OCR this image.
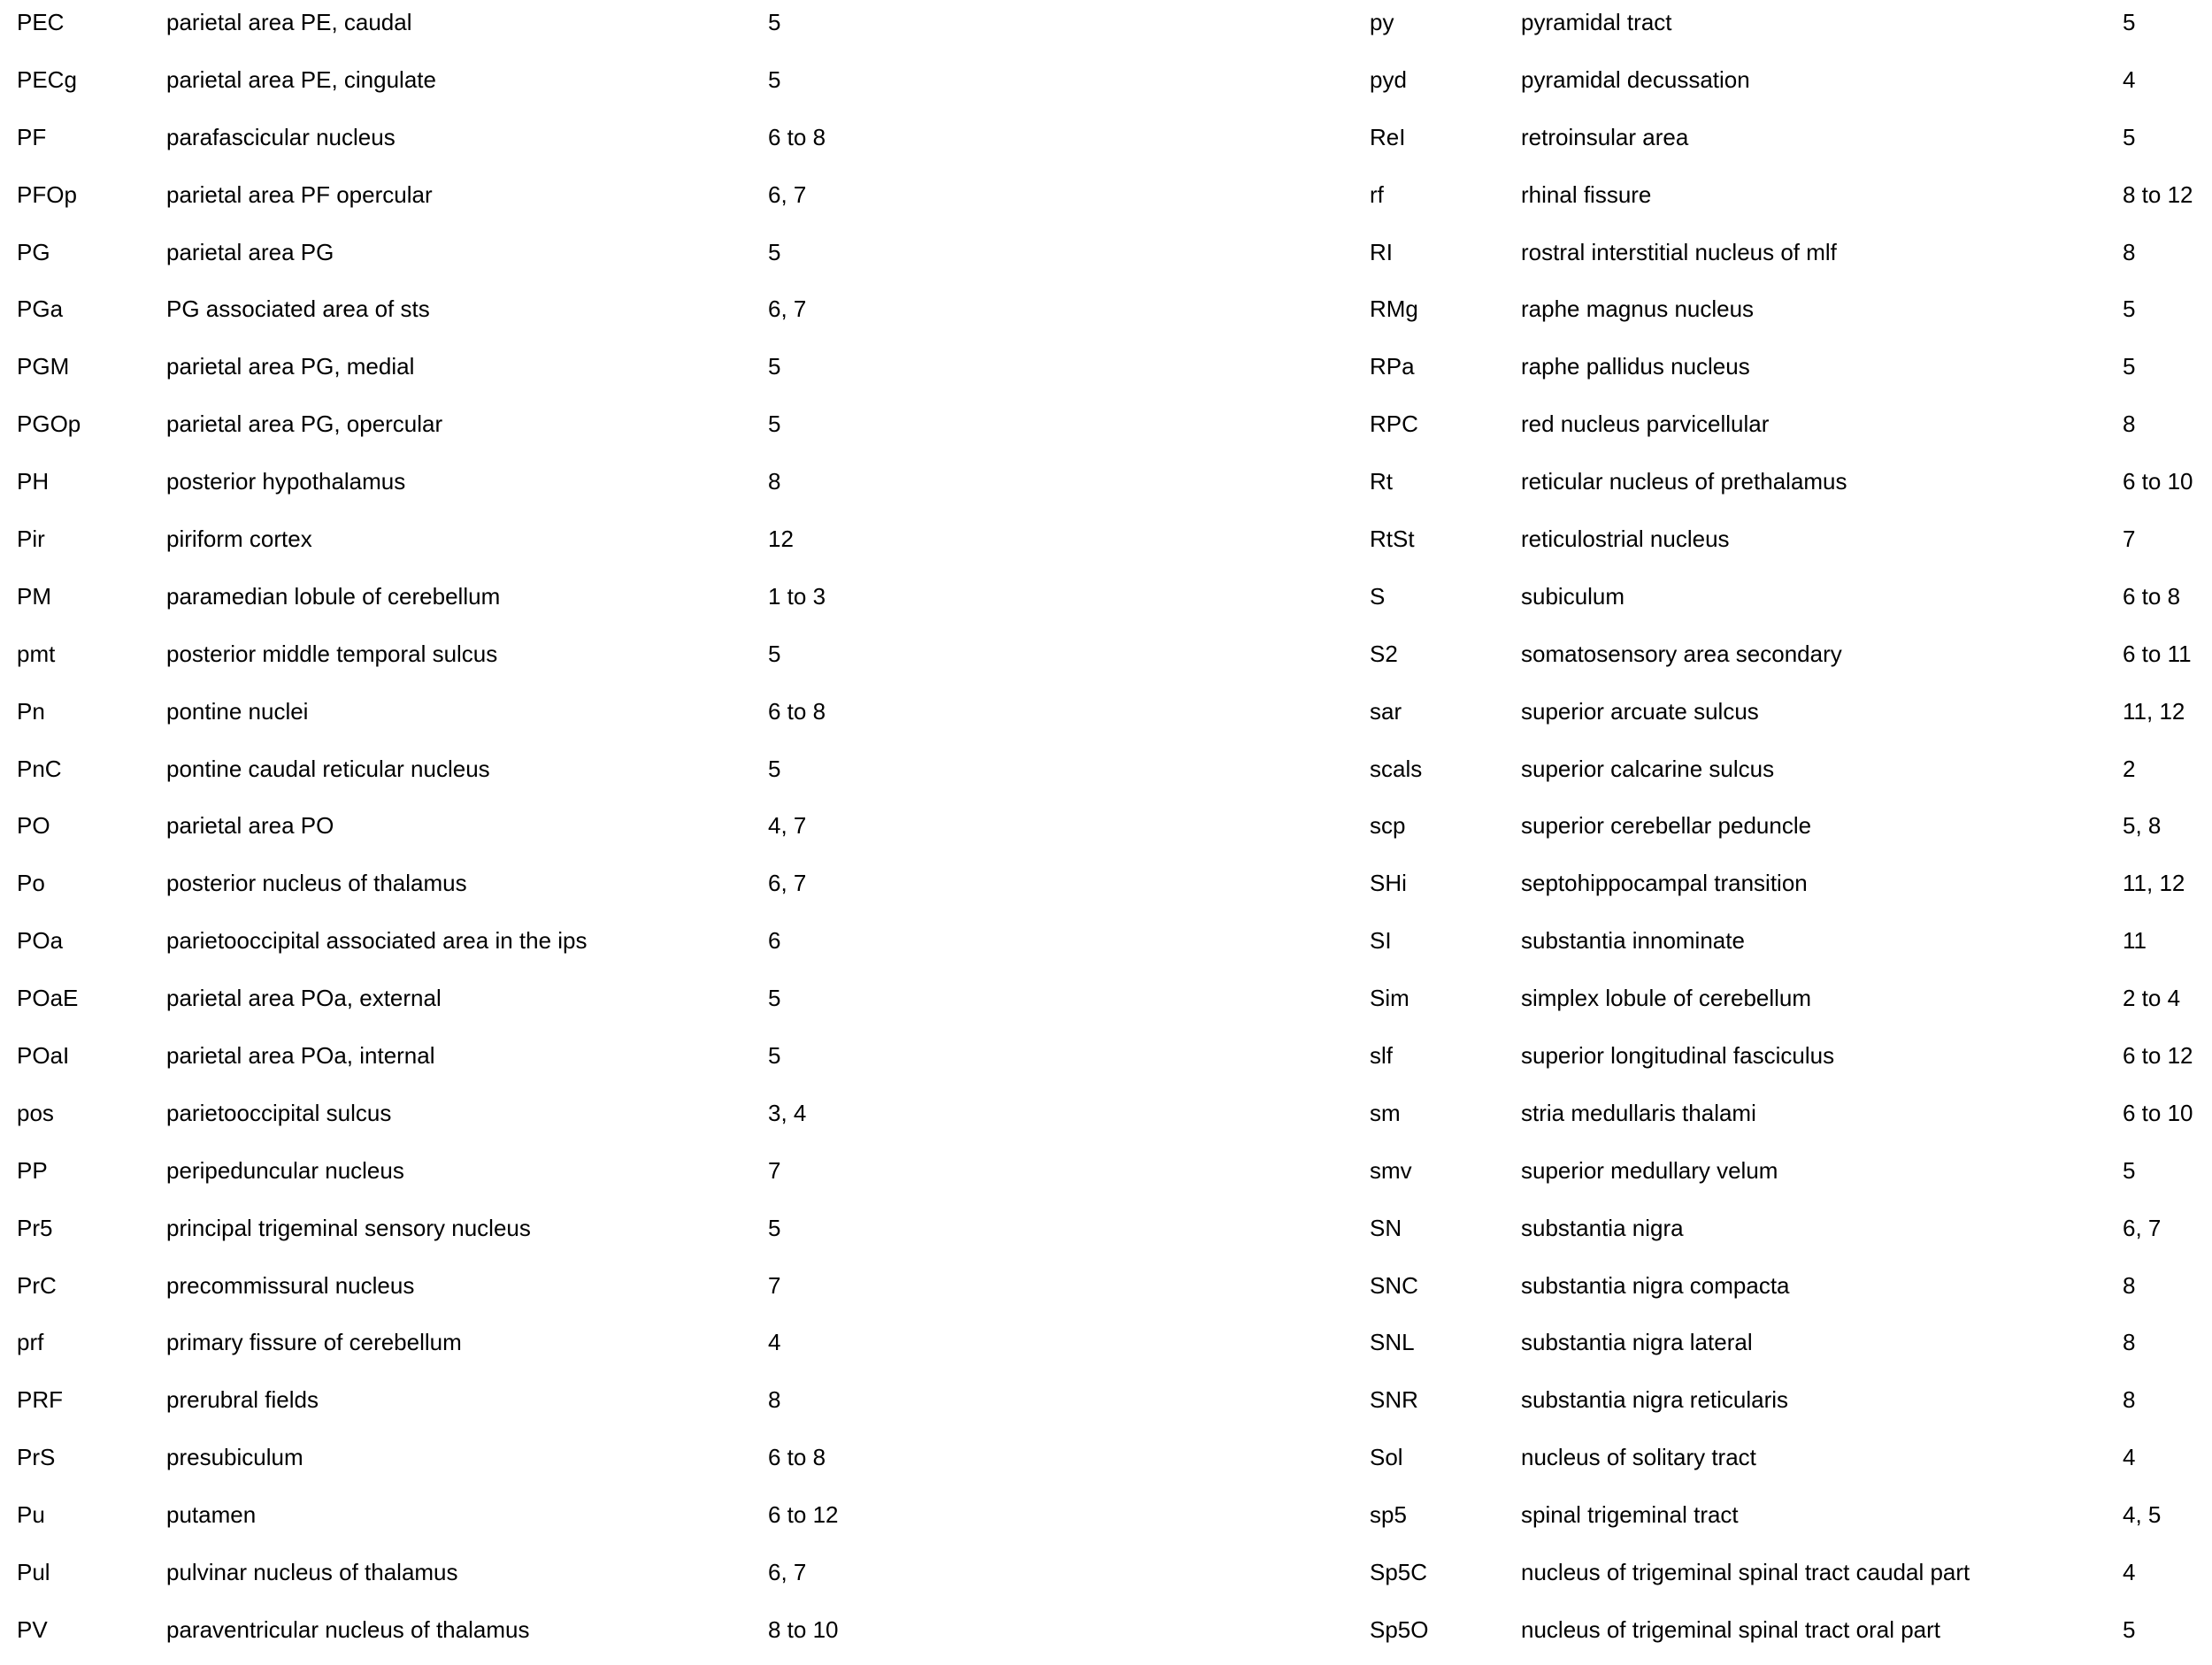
PEC	parietal area PE, caudal	5
PECg	parietal area PE, cingulate	5
PF	parafascicular nucleus	6 to 8
PFOp	parietal area PF opercular	6, 7
PG	parietal area PG	5
PGa	PG associated area of sts	6, 7
PGM	parietal area PG, medial	5
PGOp	parietal area PG, opercular	5
PH	posterior hypothalamus	8
Pir	piriform cortex	12
PM	paramedian lobule of cerebellum	1 to 3
pmt	posterior middle temporal sulcus	5
Pn	pontine nuclei	6 to 8
PnC	pontine caudal reticular nucleus	5
PO	parietal area PO	4, 7
Po	posterior nucleus of thalamus	6, 7
POa	parietooccipital associated area in the ips	6
POaE	parietal area POa, external	5
POaI	parietal area POa, internal	5
pos	parietooccipital sulcus	3, 4
PP	peripeduncular nucleus	7
Pr5	principal trigeminal sensory nucleus	5
PrC	precommissural nucleus	7
prf	primary fissure of cerebellum	4
PRF	prerubral fields	8
PrS	presubiculum	6 to 8
Pu	putamen	6 to 12
Pul	pulvinar nucleus of thalamus	6, 7
PV	paraventricular nucleus of thalamus	8 to 10
py	pyramidal tract	5
pyd	pyramidal decussation	4
ReI	retroinsular area	5
rf	rhinal fissure	8 to 12
RI	rostral interstitial nucleus of mlf	8
RMg	raphe magnus nucleus	5
RPa	raphe pallidus nucleus	5
RPC	red nucleus parvicellular	8
Rt	reticular nucleus of prethalamus	6 to 10
RtSt	reticulostrial nucleus	7
S	subiculum	6 to 8
S2	somatosensory area secondary	6 to 11
sar	superior arcuate sulcus	11, 12
scals	superior calcarine sulcus	2
scp	superior cerebellar peduncle	5, 8
SHi	septohippocampal transition	11, 12
SI	substantia innominate	11
Sim	simplex lobule of cerebellum	2 to 4
slf	superior longitudinal fasciculus	6 to 12
sm	stria medullaris thalami	6 to 10
smv	superior medullary velum	5
SN	substantia nigra	6, 7
SNC	substantia nigra compacta	8
SNL	substantia nigra lateral	8
SNR	substantia nigra reticularis	8
Sol	nucleus of solitary tract	4
sp5	spinal trigeminal tract	4, 5
Sp5C	nucleus of trigeminal spinal tract caudal part	4
Sp5O	nucleus of trigeminal spinal tract oral part	5
